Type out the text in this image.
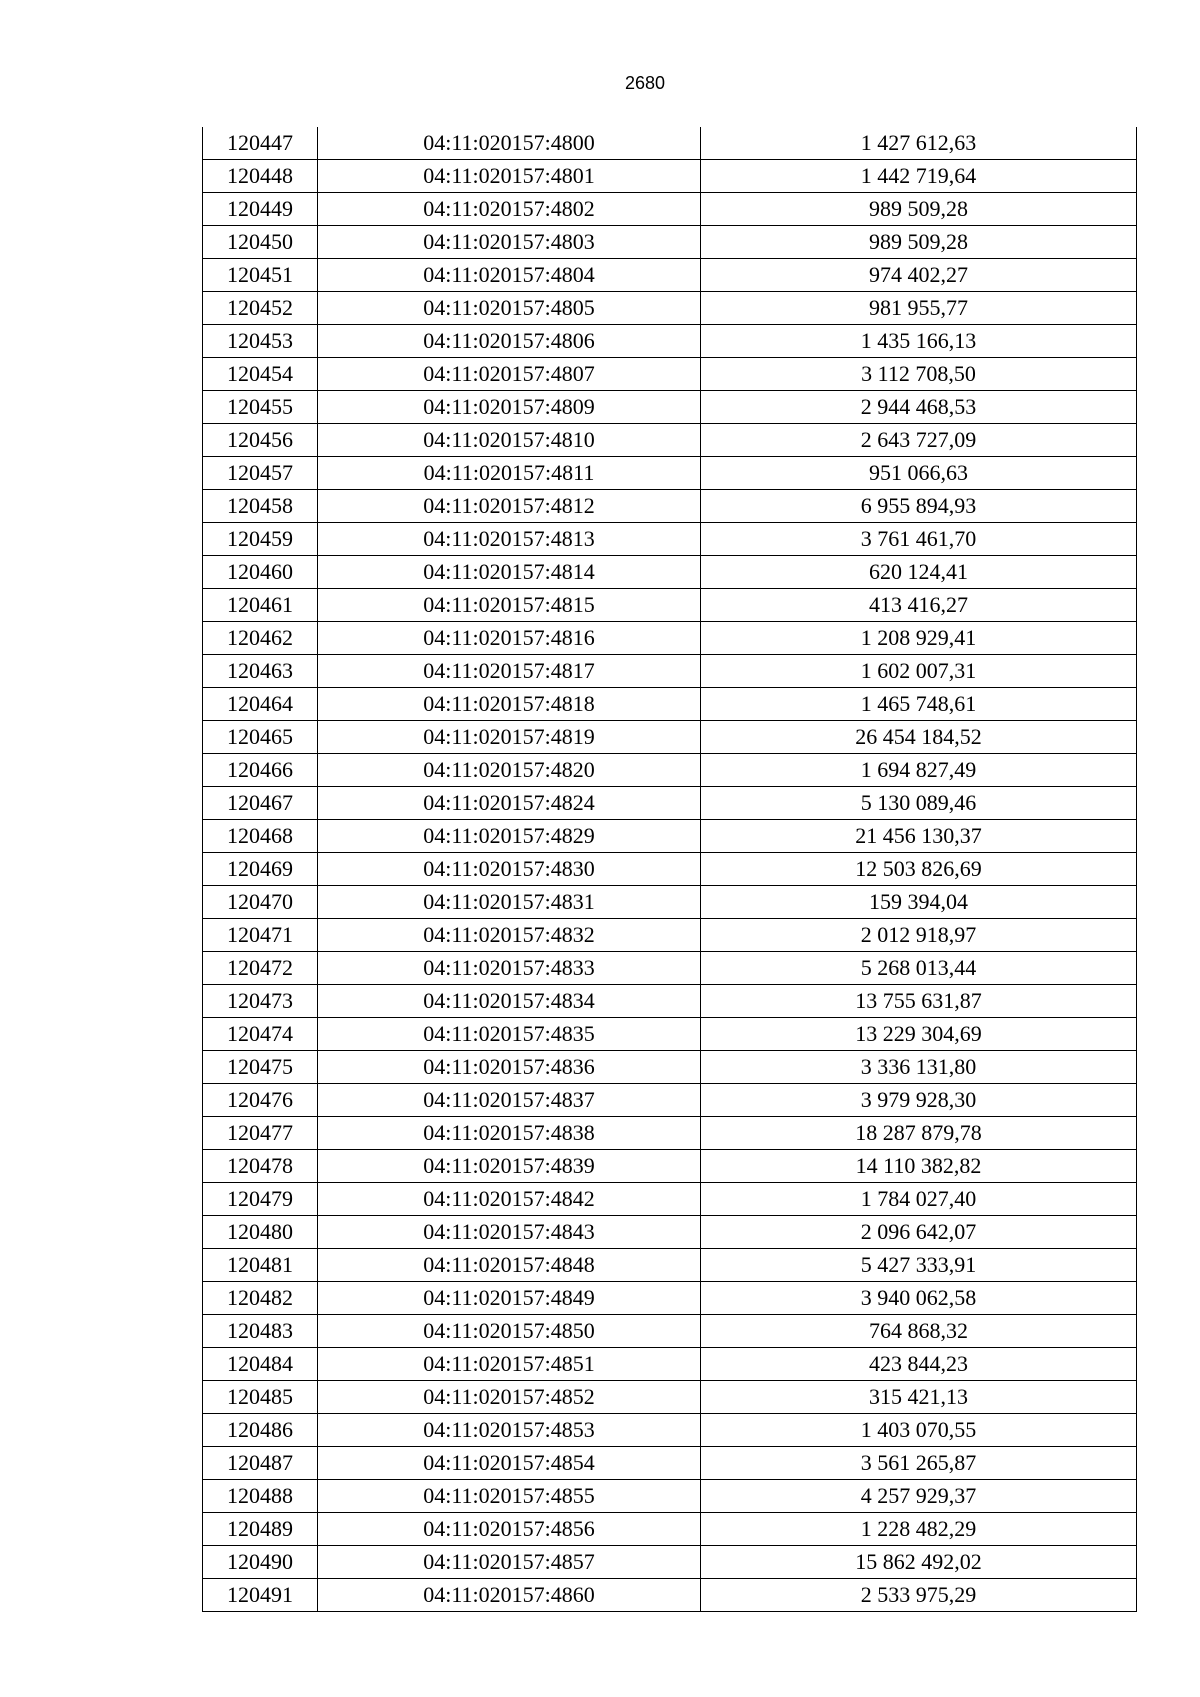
2680
120447	04:11:020157:4800	1 427 612,63
120448	04:11:020157:4801	1 442 719,64
120449	04:11:020157:4802	989 509,28
120450	04:11:020157:4803	989 509,28
120451	04:11:020157:4804	974 402,27
120452	04:11:020157:4805	981 955,77
120453	04:11:020157:4806	1 435 166,13
120454	04:11:020157:4807	3 112 708,50
120455	04:11:020157:4809	2 944 468,53
120456	04:11:020157:4810	2 643 727,09
120457	04:11:020157:4811	951 066,63
120458	04:11:020157:4812	6 955 894,93
120459	04:11:020157:4813	3 761 461,70
120460	04:11:020157:4814	620 124,41
120461	04:11:020157:4815	413 416,27
120462	04:11:020157:4816	1 208 929,41
120463	04:11:020157:4817	1 602 007,31
120464	04:11:020157:4818	1 465 748,61
120465	04:11:020157:4819	26 454 184,52
120466	04:11:020157:4820	1 694 827,49
120467	04:11:020157:4824	5 130 089,46
120468	04:11:020157:4829	21 456 130,37
120469	04:11:020157:4830	12 503 826,69
120470	04:11:020157:4831	159 394,04
120471	04:11:020157:4832	2 012 918,97
120472	04:11:020157:4833	5 268 013,44
120473	04:11:020157:4834	13 755 631,87
120474	04:11:020157:4835	13 229 304,69
120475	04:11:020157:4836	3 336 131,80
120476	04:11:020157:4837	3 979 928,30
120477	04:11:020157:4838	18 287 879,78
120478	04:11:020157:4839	14 110 382,82
120479	04:11:020157:4842	1 784 027,40
120480	04:11:020157:4843	2 096 642,07
120481	04:11:020157:4848	5 427 333,91
120482	04:11:020157:4849	3 940 062,58
120483	04:11:020157:4850	764 868,32
120484	04:11:020157:4851	423 844,23
120485	04:11:020157:4852	315 421,13
120486	04:11:020157:4853	1 403 070,55
120487	04:11:020157:4854	3 561 265,87
120488	04:11:020157:4855	4 257 929,37
120489	04:11:020157:4856	1 228 482,29
120490	04:11:020157:4857	15 862 492,02
120491	04:11:020157:4860	2 533 975,29
